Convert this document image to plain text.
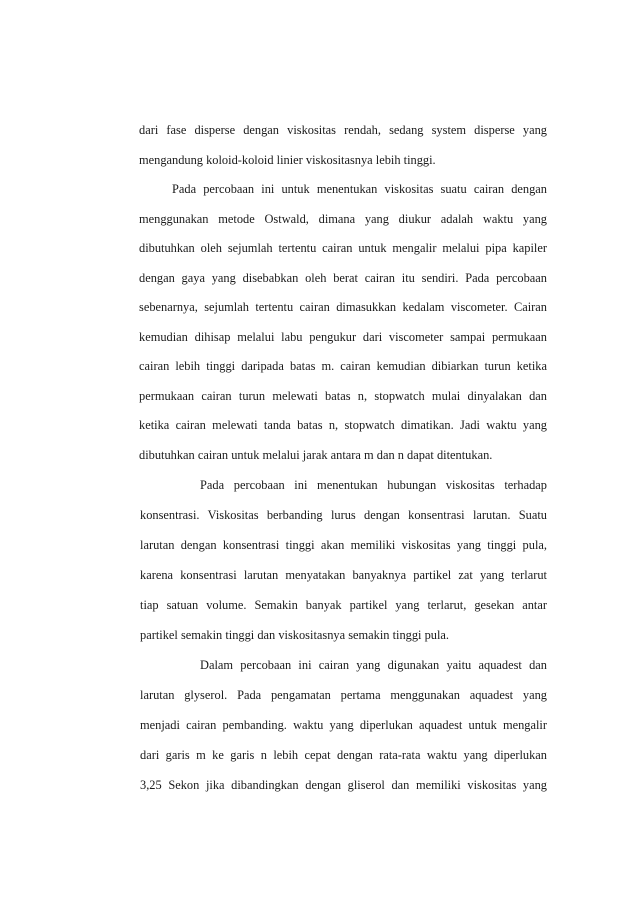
dari fase disperse dengan viskositas rendah, sedang system disperse yang
mengandung koloid-koloid linier viskositasnya lebih tinggi.
Pada percobaan ini untuk menentukan viskositas suatu cairan dengan
menggunakan metode Ostwald, dimana yang diukur adalah waktu yang
dibutuhkan oleh sejumlah tertentu cairan untuk mengalir melalui pipa kapiler
dengan gaya yang disebabkan oleh berat cairan itu sendiri. Pada percobaan
sebenarnya, sejumlah tertentu cairan dimasukkan kedalam viscometer. Cairan
kemudian dihisap melalui labu pengukur dari viscometer sampai permukaan
cairan lebih tinggi daripada batas m. cairan kemudian dibiarkan turun ketika
permukaan cairan turun melewati batas n, stopwatch mulai dinyalakan dan
ketika cairan melewati tanda batas n, stopwatch dimatikan. Jadi waktu yang
dibutuhkan cairan untuk melalui jarak antara m dan n dapat ditentukan.
Pada percobaan ini menentukan hubungan viskositas terhadap
konsentrasi. Viskositas berbanding lurus dengan konsentrasi larutan. Suatu
larutan dengan konsentrasi tinggi akan memiliki viskositas yang tinggi pula,
karena konsentrasi larutan menyatakan banyaknya partikel zat yang terlarut
tiap satuan volume. Semakin banyak partikel yang terlarut, gesekan antar
partikel semakin tinggi dan viskositasnya semakin tinggi pula.
Dalam percobaan ini cairan yang digunakan yaitu aquadest dan
larutan glyserol. Pada pengamatan pertama menggunakan aquadest yang
menjadi cairan pembanding. waktu yang diperlukan aquadest untuk mengalir
dari garis m ke garis n lebih cepat dengan rata-rata waktu yang diperlukan
3,25 Sekon jika dibandingkan dengan gliserol dan memiliki viskositas yang
